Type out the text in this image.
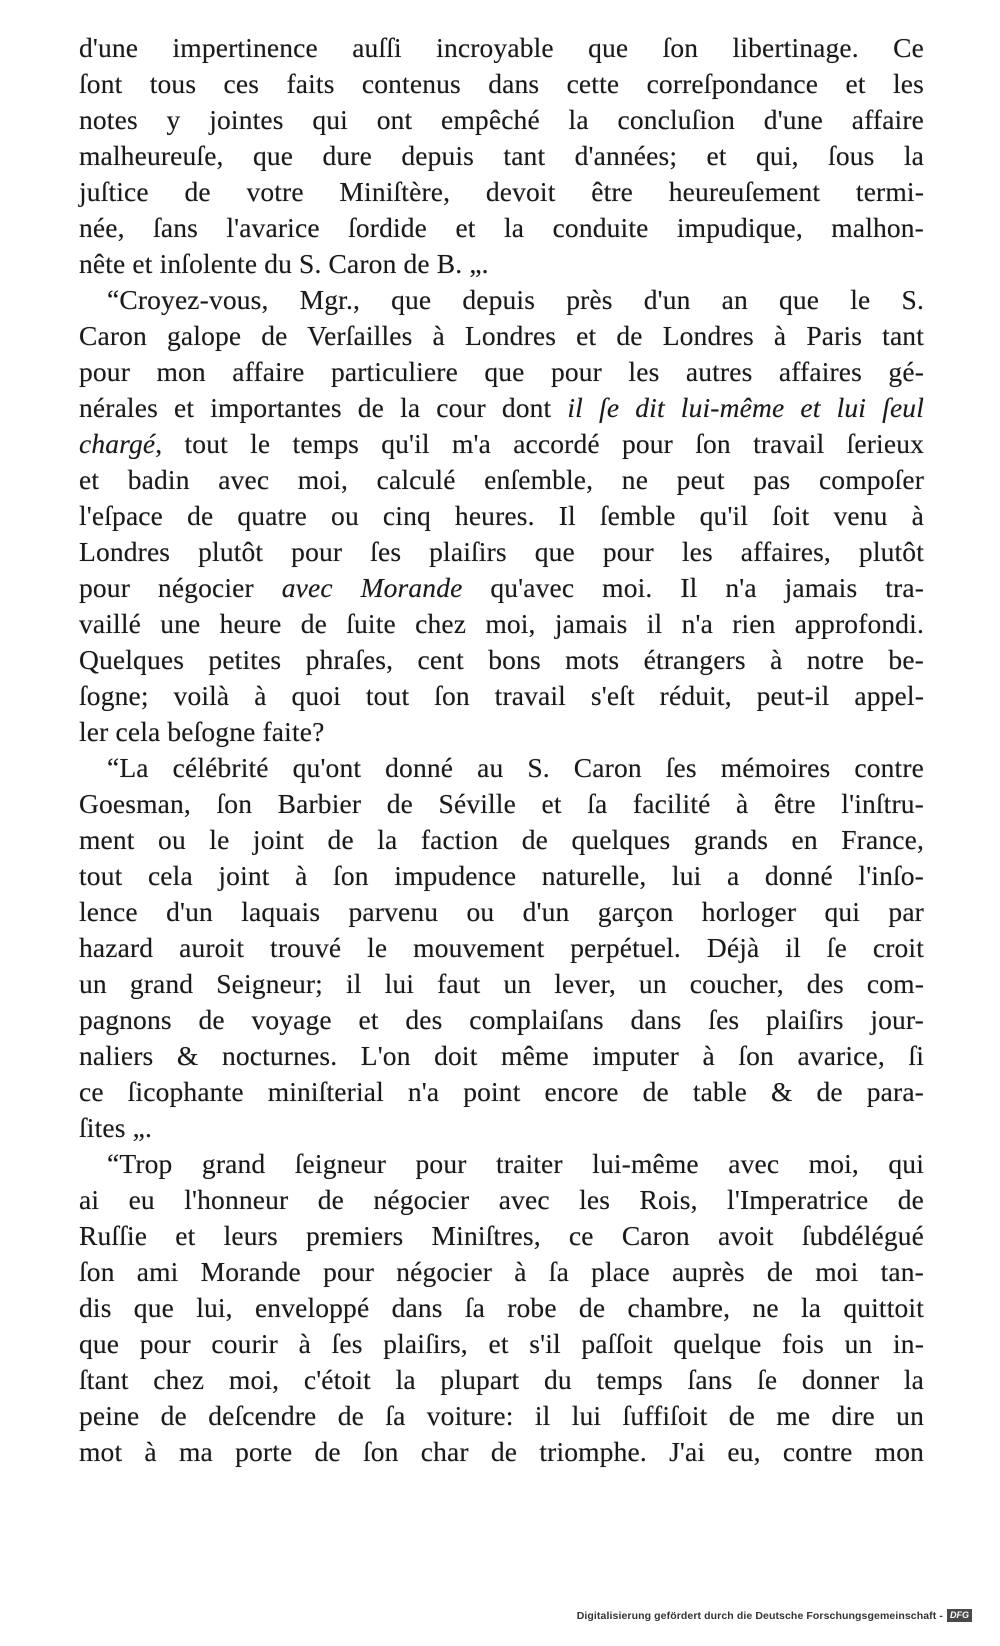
d'une impertinence auſſi incroyable que ſon libertinage. Ce
ſont tous ces faits contenus dans cette correſpondance et les
notes y jointes qui ont empêché la concluſion d'une affaire
malheureuſe, que dure depuis tant d'années; et qui, ſous la
juſtice de votre Miniſtère, devoit être heureuſement termi-
née, ſans l'avarice ſordide et la conduite impudique, malhon-
nête et inſolente du S. Caron de B. „.
“Croyez-vous, Mgr., que depuis près d'un an que le S.
Caron galope de Verſailles à Londres et de Londres à Paris tant
pour mon affaire particuliere que pour les autres affaires gé-
nérales et importantes de la cour dont il ſe dit lui-même et lui ſeul
chargé, tout le temps qu'il m'a accordé pour ſon travail ſerieux
et badin avec moi, calculé enſemble, ne peut pas compoſer
l'eſpace de quatre ou cinq heures. Il ſemble qu'il ſoit venu à
Londres plutôt pour ſes plaiſirs que pour les affaires, plutôt
pour négocier avec Morande qu'avec moi. Il n'a jamais tra-
vaillé une heure de ſuite chez moi, jamais il n'a rien approfondi.
Quelques petites phraſes, cent bons mots étrangers à notre be-
ſogne; voilà à quoi tout ſon travail s'eſt réduit, peut-il appel-
ler cela beſogne faite?
“La célébrité qu'ont donné au S. Caron ſes mémoires contre
Goesman, ſon Barbier de Séville et ſa facilité à être l'inſtru-
ment ou le joint de la faction de quelques grands en France,
tout cela joint à ſon impudence naturelle, lui a donné l'inſo-
lence d'un laquais parvenu ou d'un garçon horloger qui par
hazard auroit trouvé le mouvement perpétuel. Déjà il ſe croit
un grand Seigneur; il lui faut un lever, un coucher, des com-
pagnons de voyage et des complaiſans dans ſes plaiſirs jour-
naliers & nocturnes. L'on doit même imputer à ſon avarice, ſi
ce ſicophante miniſterial n'a point encore de table & de para-
ſites „.
“Trop grand ſeigneur pour traiter lui-même avec moi, qui
ai eu l'honneur de négocier avec les Rois, l'Imperatrice de
Ruſſie et leurs premiers Miniſtres, ce Caron avoit ſubdélégué
ſon ami Morande pour négocier à ſa place auprès de moi tan-
dis que lui, enveloppé dans ſa robe de chambre, ne la quittoit
que pour courir à ſes plaiſirs, et s'il paſſoit quelque fois un in-
ſtant chez moi, c'étoit la plupart du temps ſans ſe donner la
peine de deſcendre de ſa voiture: il lui ſuffiſoit de me dire un
mot à ma porte de ſon char de triomphe. J'ai eu, contre mon
Digitalisierung gefördert durch die Deutsche Forschungsgemeinschaft - DFG
